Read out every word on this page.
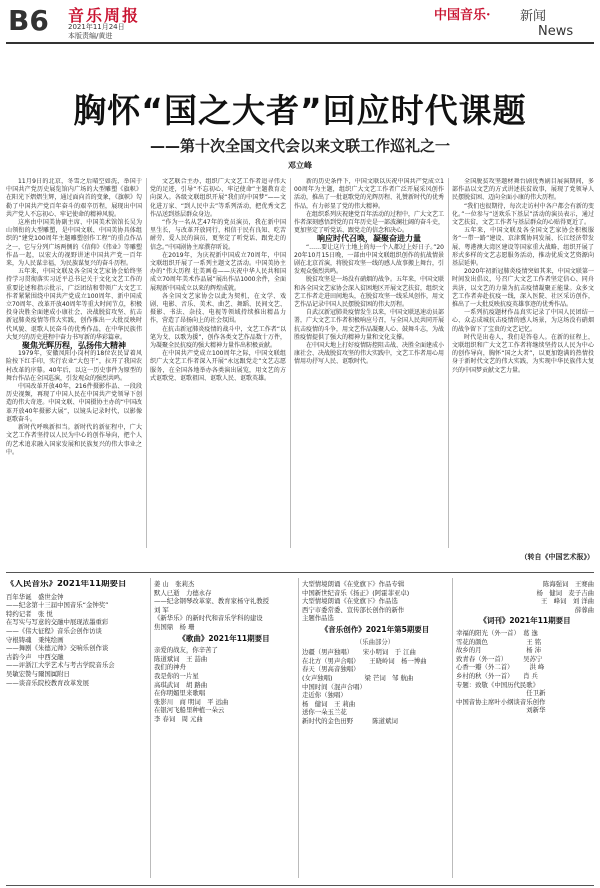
B6 音乐周报
2021年11月24日
本版责编/黄进
中国音乐· 新闻
News
胸怀“国之大者”回应时代课题
——第十次全国文代会以来文联工作巡礼之一
邓立峰

11月9日的北京，冬雪之后晴空如洗，举国于中国共产党历史展览馆内广场的大型雕塑《旗帜》在阳光下熠熠生辉，通过面向首的变象，《旗帜》勾勒了中国共产党百年奋斗的艰辛历程，展现出中国共产党人不忘初心、牢记使命的精神风貌。

这座由中国美协副主席、中国美术馆馆长吴为山领衔的大型雕塑，是中国文联、中国美协具体组织的“建党100周年主题雕塑创作工程”的重点作品之一，它与分列广场两侧的《信仰》《伟业》等雕塑作品一起，以宏大的视野讲述中国共产党一百年来，为人民谋幸福，为民族谋复兴的奋斗历程。

五年来，中国文联及各全国文艺家协会始终坚持学习贯彻落实习近平总书记关于文化文艺工作的重要论述和指示批示，广泛团结和带领广大文艺工作者紧紧围绕中国共产党成立100周年、新中国成立70周年、改革开放40周年等重大时间节点，积极投身决胜全面建成小康社会、决战脱贫攻坚、抗击新冠肺炎疫情等伟大实践，创作推出一大批反映时代风貌、讴歌人民奋斗的优秀作品，在中华民族伟大复兴的历史进程中奋力书写新的华彩篇章。

聚焦光辉历程，弘扬伟大精神

1979年，安徽凤阳小岗村的18位农民冒着风险按下红手印，实行农业“大包干”，拉开了我国农村改革的序幕。40年后，以这一历史事件为原型的舞台作品在全国巡演，引发观众的强烈共鸣。

中国改革开放40年，216件摄影作品、一段段历史视频，再现了中国人民在中国共产党领导下创造的伟大奇迹。中国文联、中国摄协主办的“中国改革开放40年摄影大展”，以镜头记录时代，以影像讴歌奋斗。

新时代呼唤新担当。新时代的新征程中，广大文艺工作者坚持以人民为中心的创作导向，把个人的艺术追求融入国家发展和民族复兴的伟大事业之中。

文艺联合主办，组织广大文艺工作者追寻伟大党的足迹，引导“不忘初心、牢记使命”主题教育走向深入。各级文联组织开展“我们的中国梦”——文化进万家、“到人民中去”等系列活动，把优秀文艺作品送到基层群众身边。

“作为一名从艺47年的党员演员，我在新中国里生长，与改革开放同行，相信于民有良知、吃苦耐劳、爱人民的演员，更坚定了听党话、跟党走的信念。”中国剧协主席濮存昕说。

在2019年，为庆祝新中国成立70周年，中国文联组织开展了一系列主题文艺活动。中国美协主办的“伟大历程 壮美画卷——庆祝中华人民共和国成立70周年美术作品展”展出作品1000余件，全面展现新中国成立以来的辉煌成就。

各全国文艺家协会以此为契机，在文学、戏剧、电影、音乐、美术、曲艺、舞蹈、民间文艺、摄影、书法、杂技、电视等领域持续推出精品力作，营造了昂扬向上的社会氛围。

在抗击新冠肺炎疫情的战斗中，文艺工作者“以笔为戈、以歌为援”，创作各类文艺作品数十万件，为凝聚全民抗疫的强大精神力量作出积极贡献。

在中国共产党成立100周年之际，中国文联组织广大文艺工作者深入开展“永远跟党走”文艺志愿服务，在全国各地举办各类演出展览，用文艺的方式讴歌党、讴歌祖国、讴歌人民、讴歌英雄。

新的历史条件下，中国文联以庆祝中国共产党成立100周年为主题，组织广大文艺工作者广泛开展采风创作活动，推出了一批讴歌党的光辉历程、礼赞新时代的优秀作品，有力彰显了党的伟大精神。

在组织系列庆祝建党百年活动的过程中，广大文艺工作者深刻感悟到党的百年历史是一部波澜壮阔的奋斗史，更加坚定了听党话、跟党走的信念和决心。

响应时代召唤，凝聚奋进力量

“……要让这片土地上的每一个人都过上好日子。”2020年10月15日晚，一部由中国文联组织创作的抗战情景剧在北京首演，将脱贫攻坚一线的感人故事搬上舞台，引发观众强烈共鸣。

脱贫攻坚是一场没有硝烟的战争。五年来，中国文联和各全国文艺家协会深入贫困地区开展文艺扶贫，组织文艺工作者走进田间地头，在脱贫攻坚一线采风创作，用文艺作品记录中国人民摆脱贫困的伟大历程。

自武汉新冠肺炎疫情发生以来，中国文联迅速动员部署，广大文艺工作者积极响应号召，与全国人民共同开展抗击疫情的斗争，用文艺作品凝聚人心、鼓舞斗志，为战胜疫情提供了强大的精神力量和文化支撑。

在中国大地上打好疫情防控阻击战、决胜全面建成小康社会、决战脱贫攻坚的伟大实践中，文艺工作者用心用情用功抒写人民、讴歌时代。

全国脱贫攻坚题材舞台剧优秀剧目展演期间，多部作品以文艺的方式讲述扶贫故事，展现了党领导人民摆脱贫困、迈向全面小康的伟大历程。

“我们也很期待，每次走访村中各户都会有新的变化。”一位参与“送欢乐下基层”活动的演员表示，通过文艺扶贫，文艺工作者与基层群众的心贴得更近了。

五年来，中国文联及各全国文艺家协会积极服务“一带一路”建设、京津冀协同发展、长江经济带发展、粤港澳大湾区建设等国家重大战略，组织开展了形式多样的文艺志愿服务活动，推动优质文艺资源向基层延伸。

2020年初新冠肺炎疫情突如其来，中国文联第一时间发出倡议，号召广大文艺工作者坚定信心、同舟共济，以文艺的力量为抗击疫情凝聚正能量。众多文艺工作者奔赴抗疫一线，深入医院、社区采访创作，推出了一大批反映抗疫英雄事迹的优秀作品。

一系列抗疫题材作品真实记录了中国人民团结一心、众志成城抗击疫情的感人场景，为这场没有硝烟的战争留下了宝贵的文艺记忆。

时代是出卷人，我们是答卷人。在新的征程上，文联组织和广大文艺工作者将继续坚持以人民为中心的创作导向，胸怀“国之大者”，以更加饱满的热情投身于新时代文艺的伟大实践，为实现中华民族伟大复兴的中国梦贡献文艺力量。

（转自《中国艺术报》）
《人民音乐》2021年11期要目
百年华诞　盛世金钟
——纪念第十三届中国音乐“金钟奖”
特约记者　张 悦
在写实与写意的交融中展现浓墨重彩
——《伟大征程》音乐会创作访谈
守根铸魂　秉纯绘画
——舞剧《朱德元帅》交响乐创作谈
古韵今声　中西交融
——评浙江大学艺术与考古学院音乐会
吴敏宏赞与爾国属附日
——谈音乐院校教育改革发展
姜 山　张莉杰
默人已逝　力德永存
——纪念钢琴改革家、教育家杨守礼教授
刘 军
《新华乐》的新时代和音乐学科的建设
焦国鼎　杨 珊
《歌曲》2021年11期要目
亲爱的战友，你辛苦了
陈道斌词　王 喆曲
我们的神舟
我是你的一片星
高琪武词　胡 路曲
在你明媚里来歌唱
张影川　商 明词　平 远曲
在银河飞船里种植一朵云
李 春词　周 元曲
大型情境朗诵《在党旗下》作品专辑
中国新世纪音乐《扬正》(阿霍菲亚卓)
大型情境朗诵《在党旗下》作品选
西宁市委常委、宣传部长创作的新作
主题作品选
《音乐创作》2021年第5期要目
（乐曲部分）
边疆（男声独唱）　　宋小明词　于 江曲
在北方（男声合唱）　　王晓岭词　杨一博曲
春天（男高音独唱）
(女声独唱)　　　　　梁 芒词　邹 航曲
中国时间（混声合唱）
走近你（独唱）
杨　健词　王 莉曲
送你一朵玉兰花
新时代的金色田野　　　陈道斌词
陈海强词　王赛曲
杨　健词　麦子吉曲
王　峰词　刘 洋曲
薛蓉曲
《词刊》2021年11期要目
幸福的阳光（外一首）　葛 逸
雪花的颜色　　　　　　王 铭
故乡的月　　　　　　　杨 沛
致青春（外一首）　　　吴苏宁
心香一瓣（外二首）　　　洪 峰
乡村的秋（外一首）　　肖 兵
专题：致敬《中国历代民歌》
　　　　　　　　　　　任卫新
中国音协主席叶小纲谈音乐创作
　　　　　　　　　　　刘新华
